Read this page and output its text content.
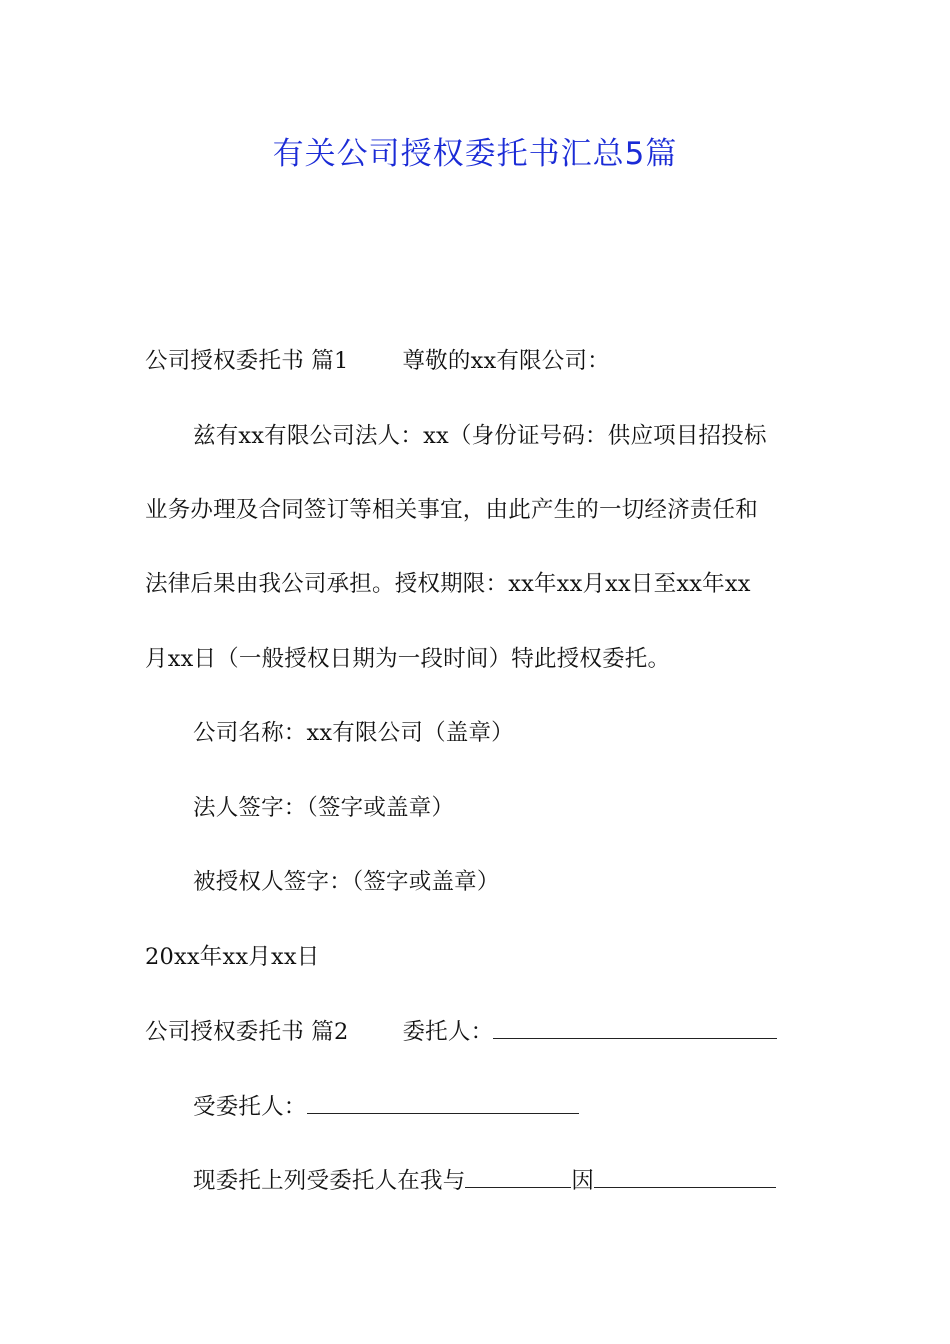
有关公司授权委托书汇总5篇
公司授权委托书 篇1 尊敬的xx有限公司：
兹有xx有限公司法人：xx（身份证号码：供应项目招投标
业务办理及合同签订等相关事宜，由此产生的一切经济责任和
法律后果由我公司承担。授权期限：xx年xx月xx日至xx年xx
月xx日（一般授权日期为一段时间）特此授权委托。
公司名称：xx有限公司（盖章）
法人签字：（签字或盖章）
被授权人签字：（签字或盖章）
20xx年xx月xx日
公司授权委托书 篇2 委托人：
受委托人：
现委托上列受委托人在我与	因
